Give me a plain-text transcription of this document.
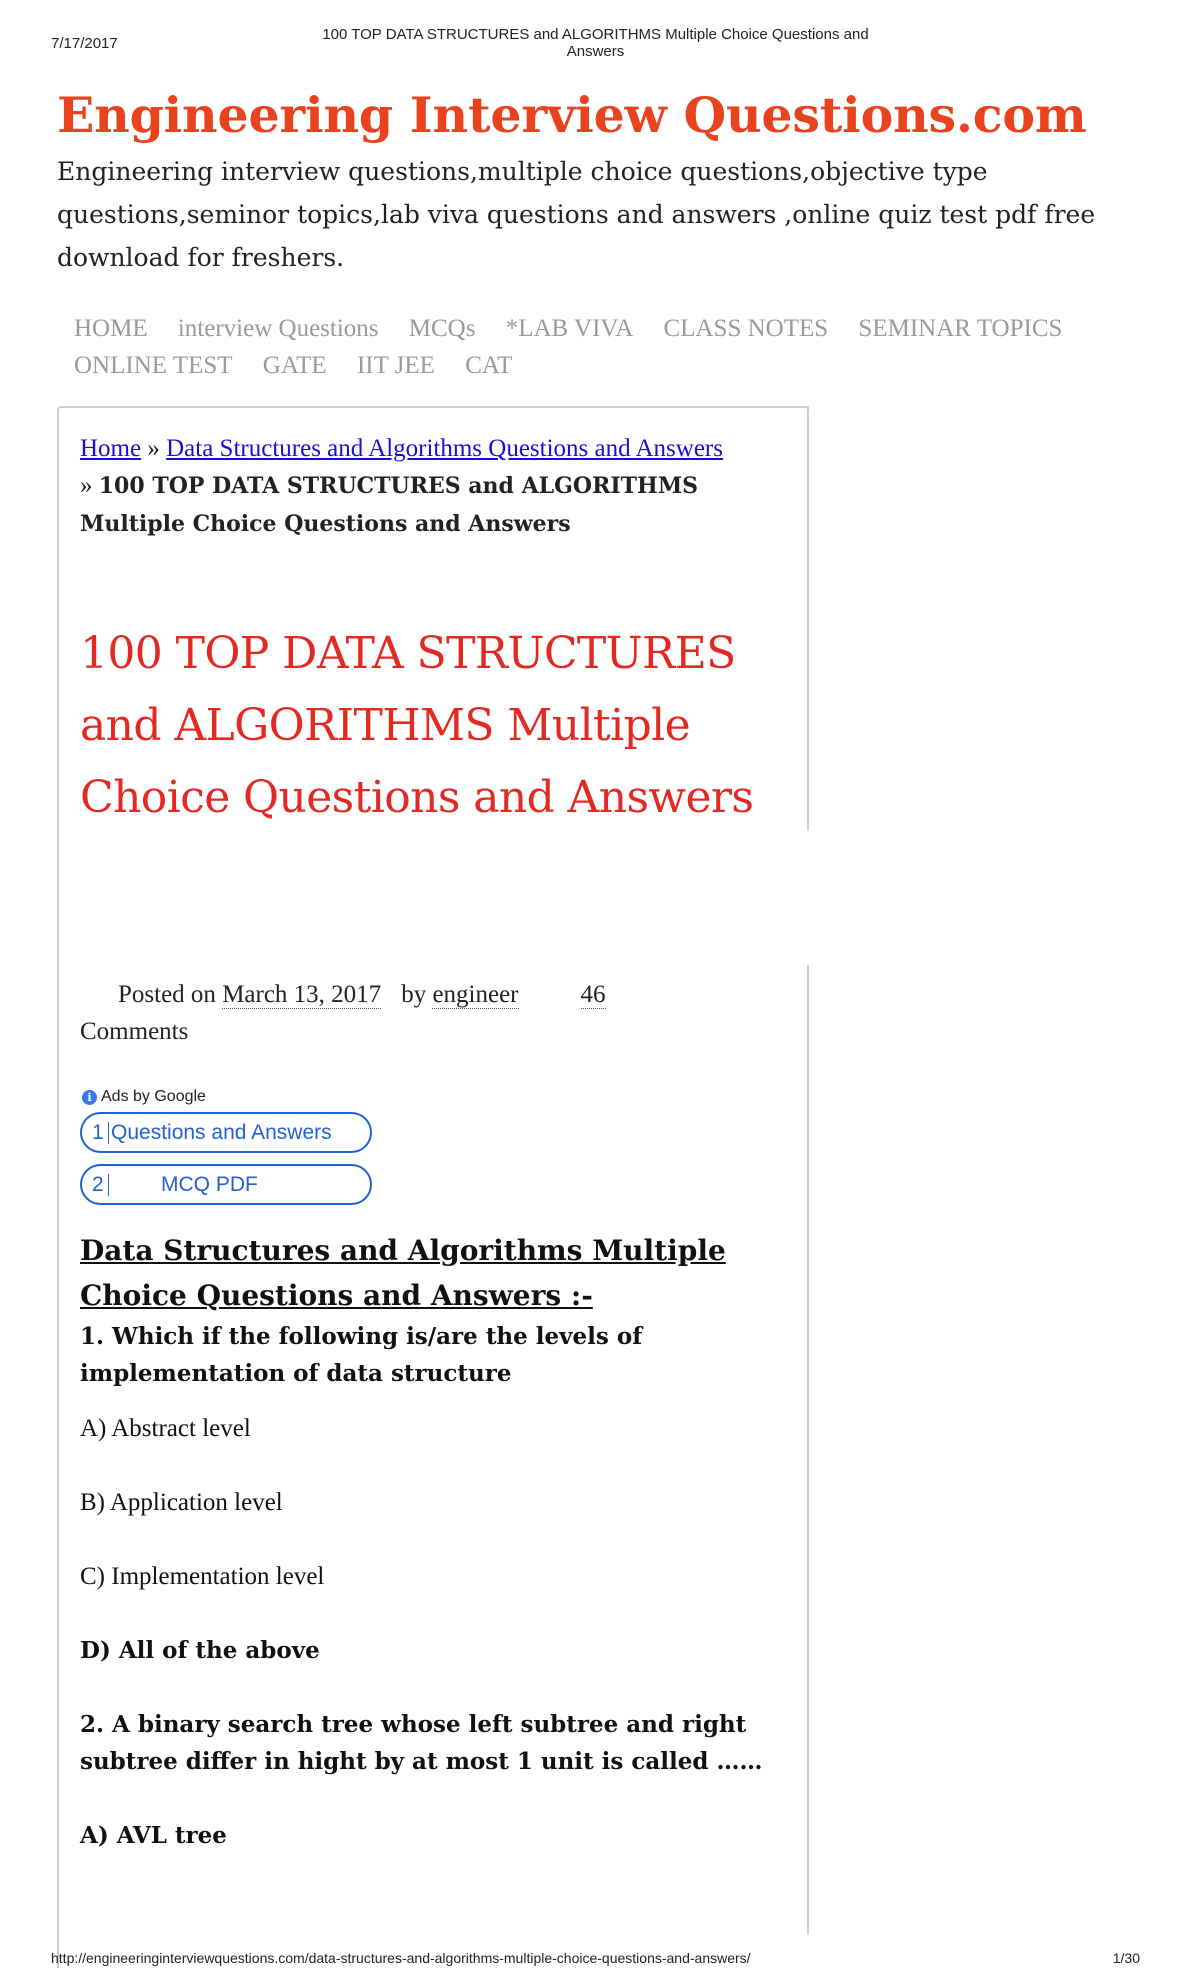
7/17/2017	100 TOP DATA STRUCTURES and ALGORITHMS Multiple Choice Questions and Answers
Engineering Interview Questions.com
Engineering interview questions,multiple choice questions,objective type questions,seminor topics,lab viva questions and answers ,online quiz test pdf free download for freshers.
HOME interview Questions MCQs *LAB VIVA CLASS NOTES SEMINAR TOPICS ONLINE TEST GATE IIT JEE CAT
Home » Data Structures and Algorithms Questions and Answers » 100 TOP DATA STRUCTURES and ALGORITHMS Multiple Choice Questions and Answers
100 TOP DATA STRUCTURES and ALGORITHMS Multiple Choice Questions and Answers
Posted on March 13, 2017 by engineer 46
Comments
i Ads by Google
1 Questions and Answers
2	MCQ PDF
Data Structures and Algorithms Multiple Choice Questions and Answers :-
1. Which if the following is/are the levels of implementation of data structure
A) Abstract level
B) Application level
C) Implementation level
D) All of the above
2. A binary search tree whose left subtree and right subtree differ in hight by at most 1 unit is called ……
A) AVL tree
http://engineeringinterviewquestions.com/data-structures-and-algorithms-multiple-choice-questions-and-answers/	1/30
